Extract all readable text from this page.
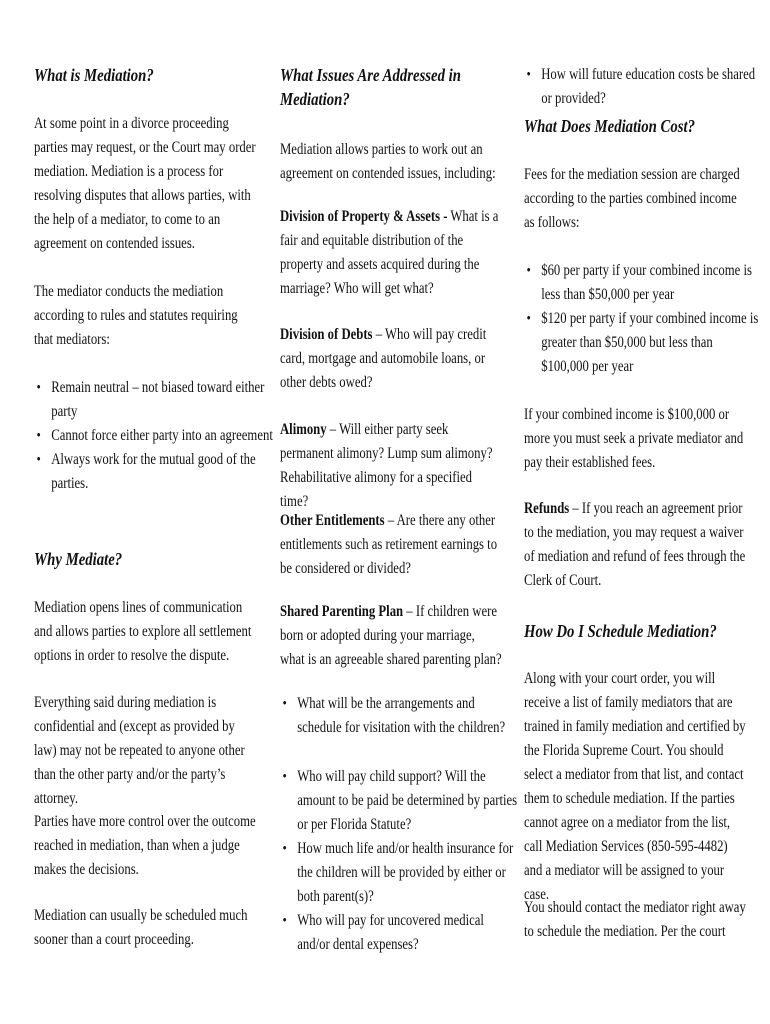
What is Mediation?

At some point in a divorce proceeding parties may request, or the Court may order mediation. Mediation is a process for resolving disputes that allows parties, with the help of a mediator, to come to an agreement on contended issues.

The mediator conducts the mediation according to rules and statutes requiring that mediators:

• Remain neutral – not biased toward either party
• Cannot force either party into an agreement
• Always work for the mutual good of the parties.
Why Mediate?

Mediation opens lines of communication and allows parties to explore all settlement options in order to resolve the dispute.

Everything said during mediation is confidential and (except as provided by law) may not be repeated to anyone other than the other party and/or the party’s attorney.

Parties have more control over the outcome reached in mediation, than when a judge makes the decisions.

Mediation can usually be scheduled much sooner than a court proceeding.

What Issues Are Addressed in Mediation?

Mediation allows parties to work out an agreement on contended issues, including:

Division of Property & Assets - What is a fair and equitable distribution of the property and assets acquired during the marriage? Who will get what?

Division of Debts – Who will pay credit card, mortgage and automobile loans, or other debts owed?

Alimony – Will either party seek permanent alimony? Lump sum alimony? Rehabilitative alimony for a specified time?

Other Entitlements – Are there any other entitlements such as retirement earnings to be considered or divided?

Shared Parenting Plan – If children were born or adopted during your marriage, what is an agreeable shared parenting plan?

• What will be the arrangements and schedule for visitation with the children?
• Who will pay child support? Will the amount to be paid be determined by parties or per Florida Statute?
• How much life and/or health insurance for the children will be provided by either or both parent(s)?
• Who will pay for uncovered medical and/or dental expenses?
• How will future education costs be shared or provided?
What Does Mediation Cost?

Fees for the mediation session are charged according to the parties combined income as follows:

• $60 per party if your combined income is less than $50,000 per year
• $120 per party if your combined income is greater than $50,000 but less than $100,000 per year

If your combined income is $100,000 or more you must seek a private mediator and pay their established fees.

Refunds – If you reach an agreement prior to the mediation, you may request a waiver of mediation and refund of fees through the Clerk of Court.

How Do I Schedule Mediation?

Along with your court order, you will receive a list of family mediators that are trained in family mediation and certified by the Florida Supreme Court. You should select a mediator from that list, and contact them to schedule mediation. If the parties cannot agree on a mediator from the list, call Mediation Services (850-595-4482) and a mediator will be assigned to your case.

You should contact the mediator right away to schedule the mediation. Per the court
